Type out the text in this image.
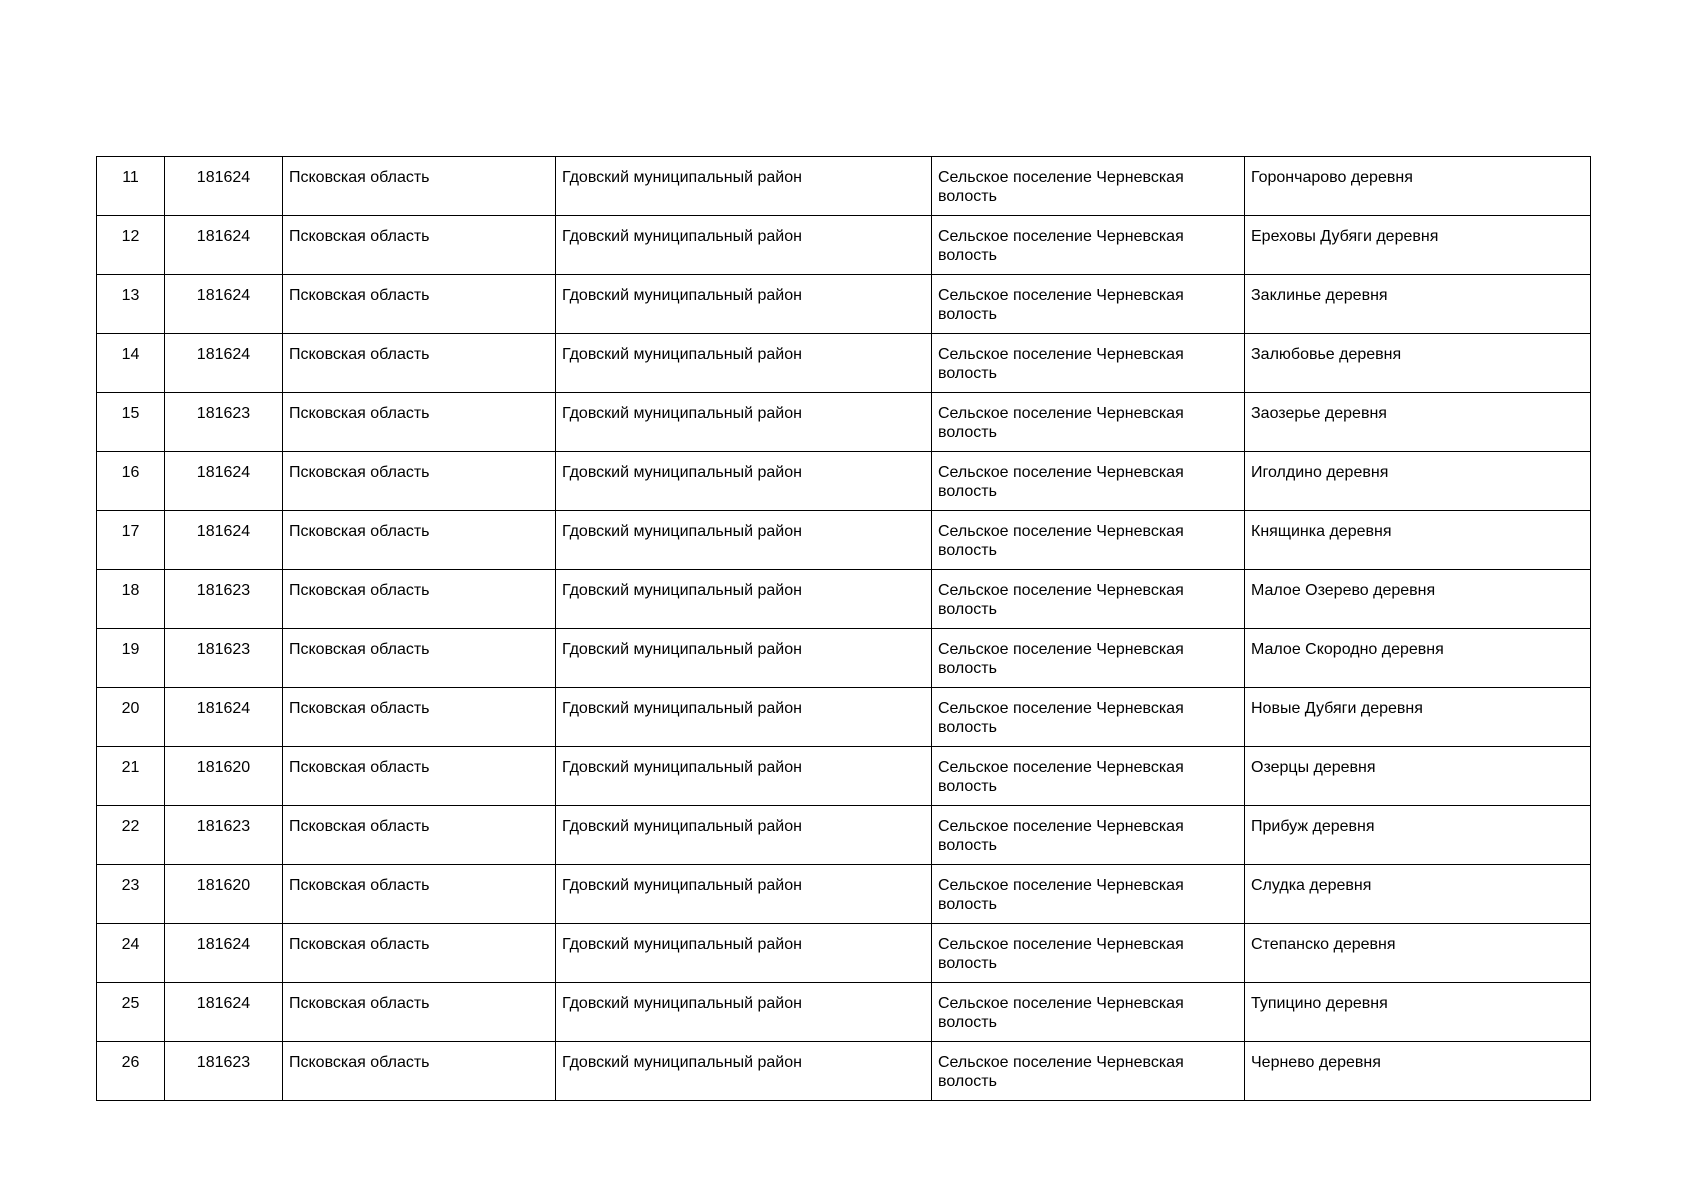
11	181624	Псковская область	Гдовский муниципальный район	Сельское поселение Черневская волость	Горончарово деревня
12	181624	Псковская область	Гдовский муниципальный район	Сельское поселение Черневская волость	Ереховы Дубяги деревня
13	181624	Псковская область	Гдовский муниципальный район	Сельское поселение Черневская волость	Заклинье деревня
14	181624	Псковская область	Гдовский муниципальный район	Сельское поселение Черневская волость	Залюбовье деревня
15	181623	Псковская область	Гдовский муниципальный район	Сельское поселение Черневская волость	Заозерье деревня
16	181624	Псковская область	Гдовский муниципальный район	Сельское поселение Черневская волость	Иголдино деревня
17	181624	Псковская область	Гдовский муниципальный район	Сельское поселение Черневская волость	Княщинка деревня
18	181623	Псковская область	Гдовский муниципальный район	Сельское поселение Черневская волость	Малое Озерево деревня
19	181623	Псковская область	Гдовский муниципальный район	Сельское поселение Черневская волость	Малое Скородно деревня
20	181624	Псковская область	Гдовский муниципальный район	Сельское поселение Черневская волость	Новые Дубяги деревня
21	181620	Псковская область	Гдовский муниципальный район	Сельское поселение Черневская волость	Озерцы деревня
22	181623	Псковская область	Гдовский муниципальный район	Сельское поселение Черневская волость	Прибуж деревня
23	181620	Псковская область	Гдовский муниципальный район	Сельское поселение Черневская волость	Слудка деревня
24	181624	Псковская область	Гдовский муниципальный район	Сельское поселение Черневская волость	Степанско деревня
25	181624	Псковская область	Гдовский муниципальный район	Сельское поселение Черневская волость	Тупицино деревня
26	181623	Псковская область	Гдовский муниципальный район	Сельское поселение Черневская волость	Чернево деревня
